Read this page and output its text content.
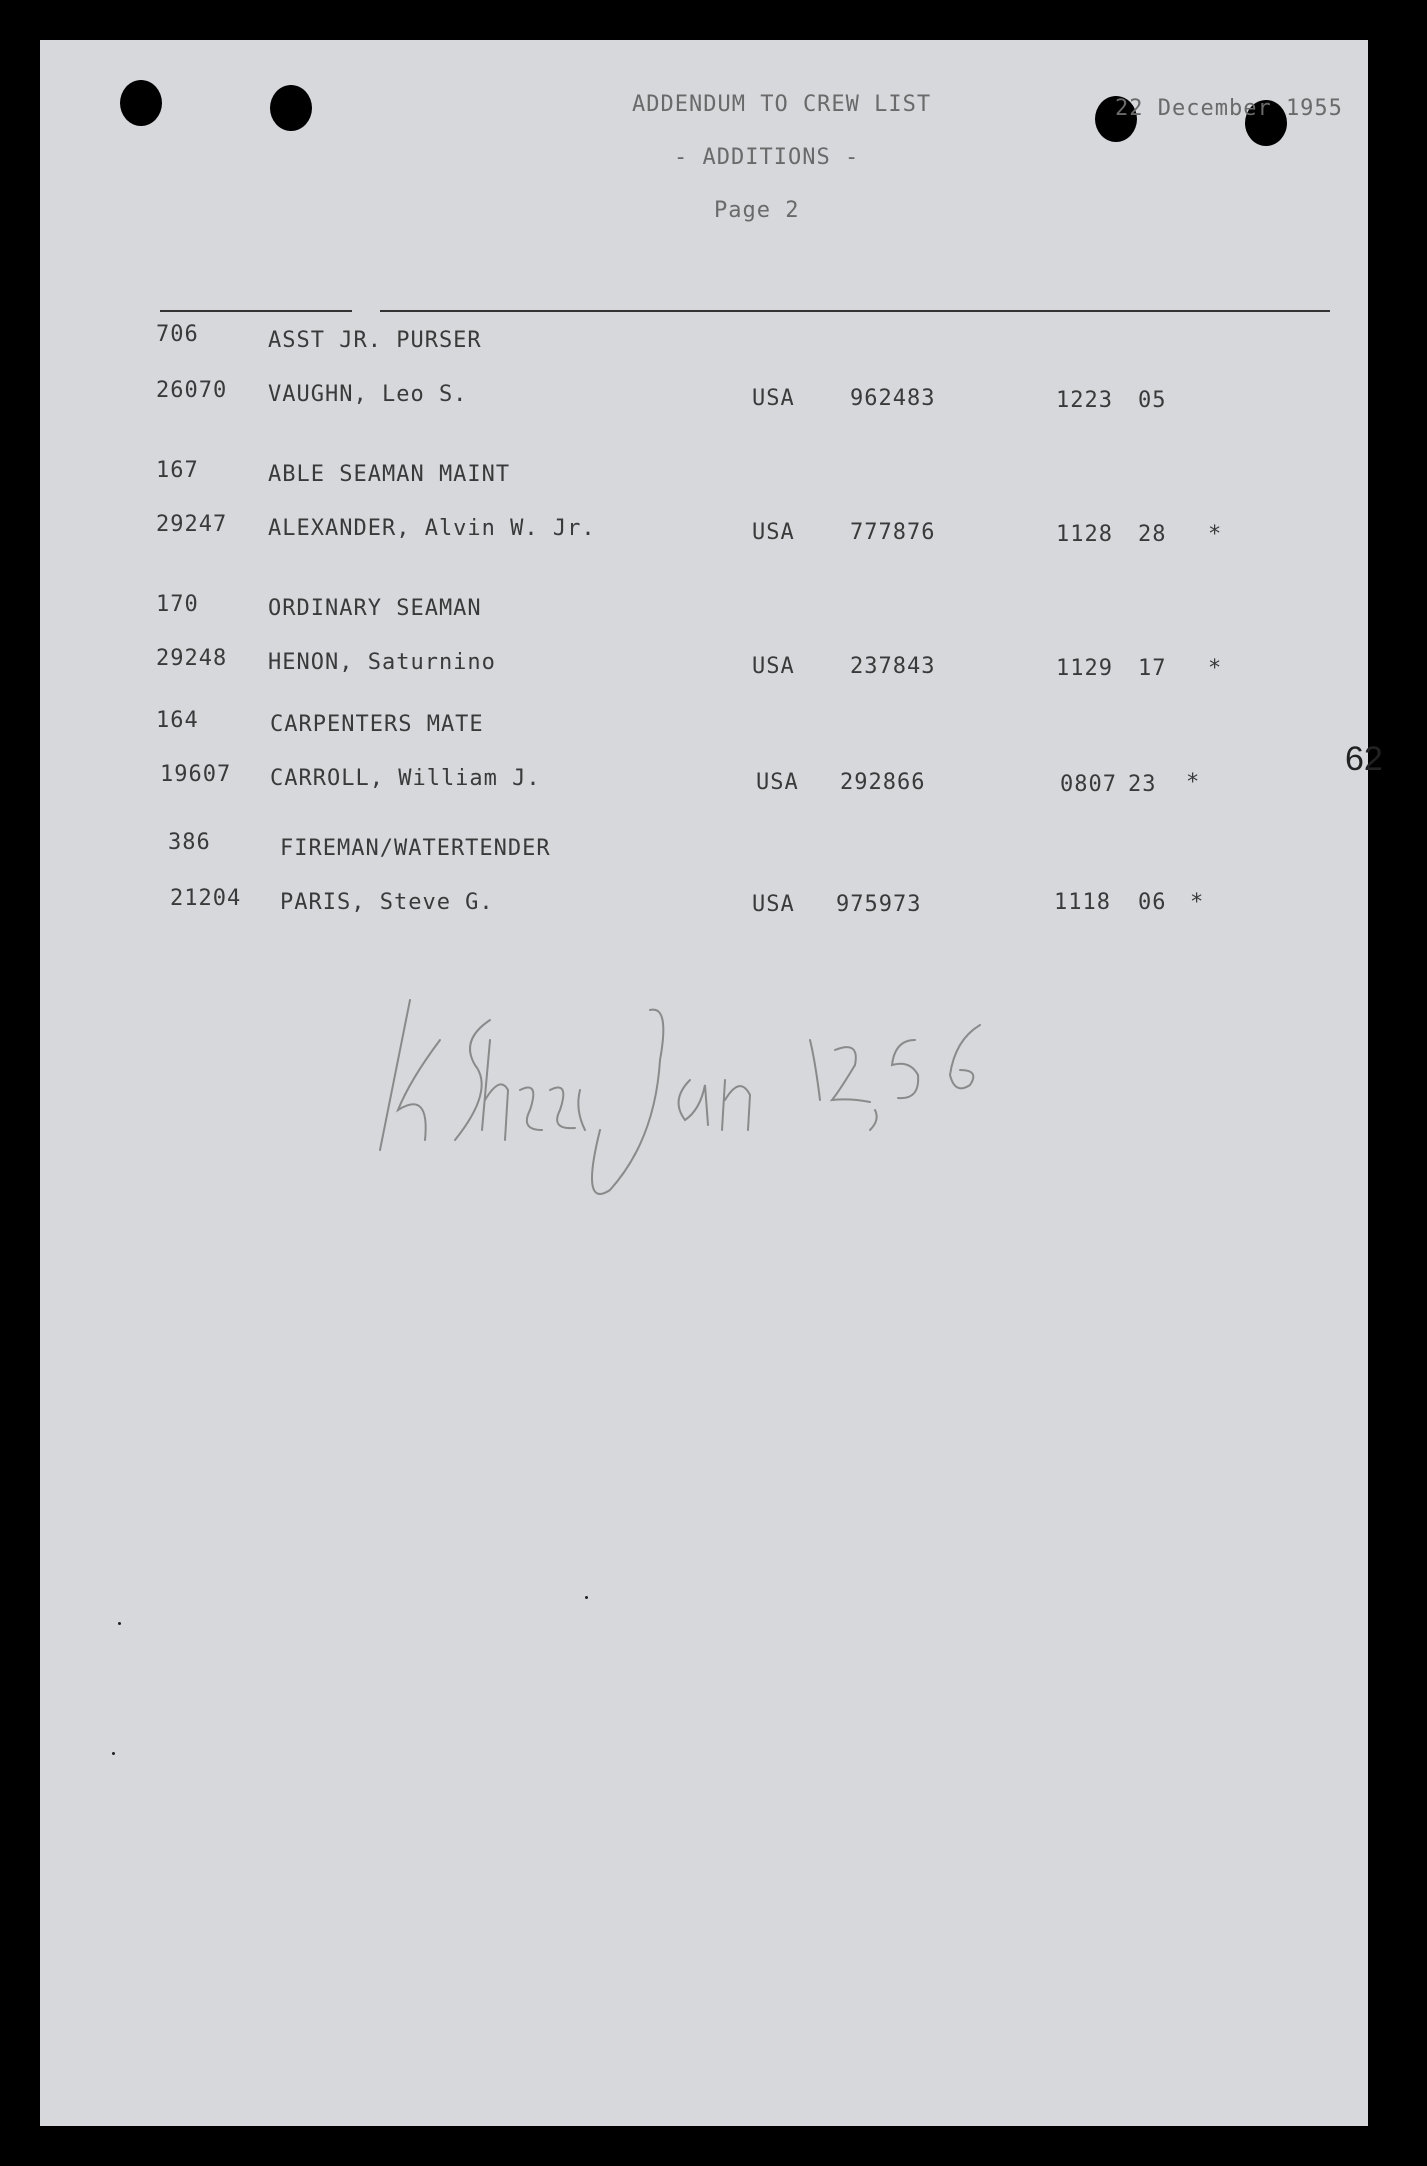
ADDENDUM TO CREW LIST	22 December 1955
- ADDITIONS -
Page 2
706	ASST JR. PURSER
26070 VAUGHN, Leo S.	USA	962483	1223 05
167	ABLE SEAMAN MAINT
29247 ALEXANDER, Alvin W. Jr.	USA	777876	1128 28 *
170	ORDINARY SEAMAN
29248 HENON, Saturnino	USA	237843	1129 17 *
164	CARPENTERS MATE
19607 CARROLL, William J.	USA 292866	0807 23 *
386	FIREMAN/WATERTENDER
21204 PARIS, Steve G.	USA 975973	1118 06 *
62
